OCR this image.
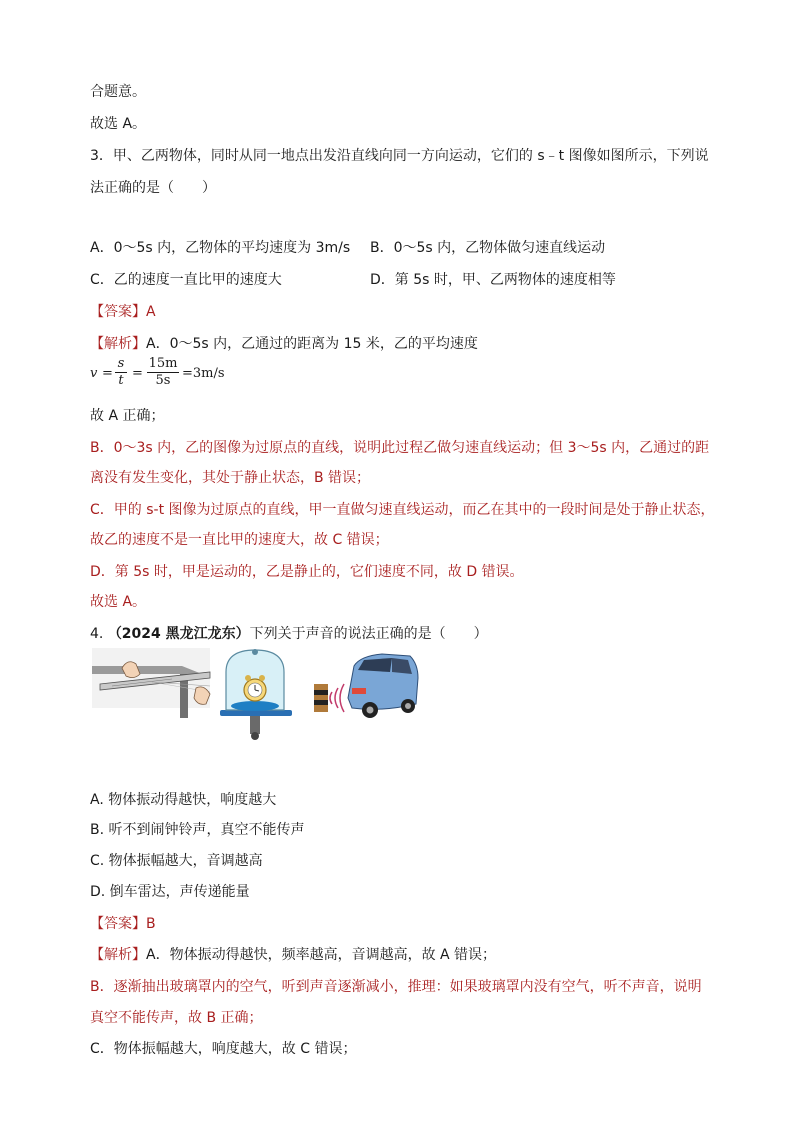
合题意。
故选 A。
3．甲、乙两物体，同时从同一地点出发沿直线向同一方向运动，它们的 s﹣t 图像如图所示，下列说
法正确的是（　　）
A．0～5s 内，乙物体的平均速度为 3m/s B．0～5s 内，乙物体做匀速直线运动
C．乙的速度一直比甲的速度大	D．第 5s 时，甲、乙两物体的速度相等
【答案】A
【解析】A．0～5s 内，乙通过的距离为 15 米，乙的平均速度
v =
s
t =
15m
5s =3m/s
故 A 正确；
B．0～3s 内，乙的图像为过原点的直线，说明此过程乙做匀速直线运动；但 3～5s 内，乙通过的距
离没有发生变化，其处于静止状态，B 错误；
C．甲的 s-t 图像为过原点的直线，甲一直做匀速直线运动，而乙在其中的一段时间是处于静止状态，
故乙的速度不是一直比甲的速度大，故 C 错误；
D．第 5s 时，甲是运动的，乙是静止的，它们速度不同，故 D 错误。
故选 A。
4. （2024 黑龙江龙东）下列关于声音的说法正确的是（　　）
A. 物体振动得越快，响度越大
B. 听不到闹钟铃声，真空不能传声
C. 物体振幅越大，音调越高
D. 倒车雷达，声传递能量
【答案】B
【解析】A．物体振动得越快，频率越高，音调越高，故 A 错误；
B．逐渐抽出玻璃罩内的空气，听到声音逐渐减小，推理：如果玻璃罩内没有空气，听不声音，说明
真空不能传声，故 B 正确；
C．物体振幅越大，响度越大，故 C 错误；
